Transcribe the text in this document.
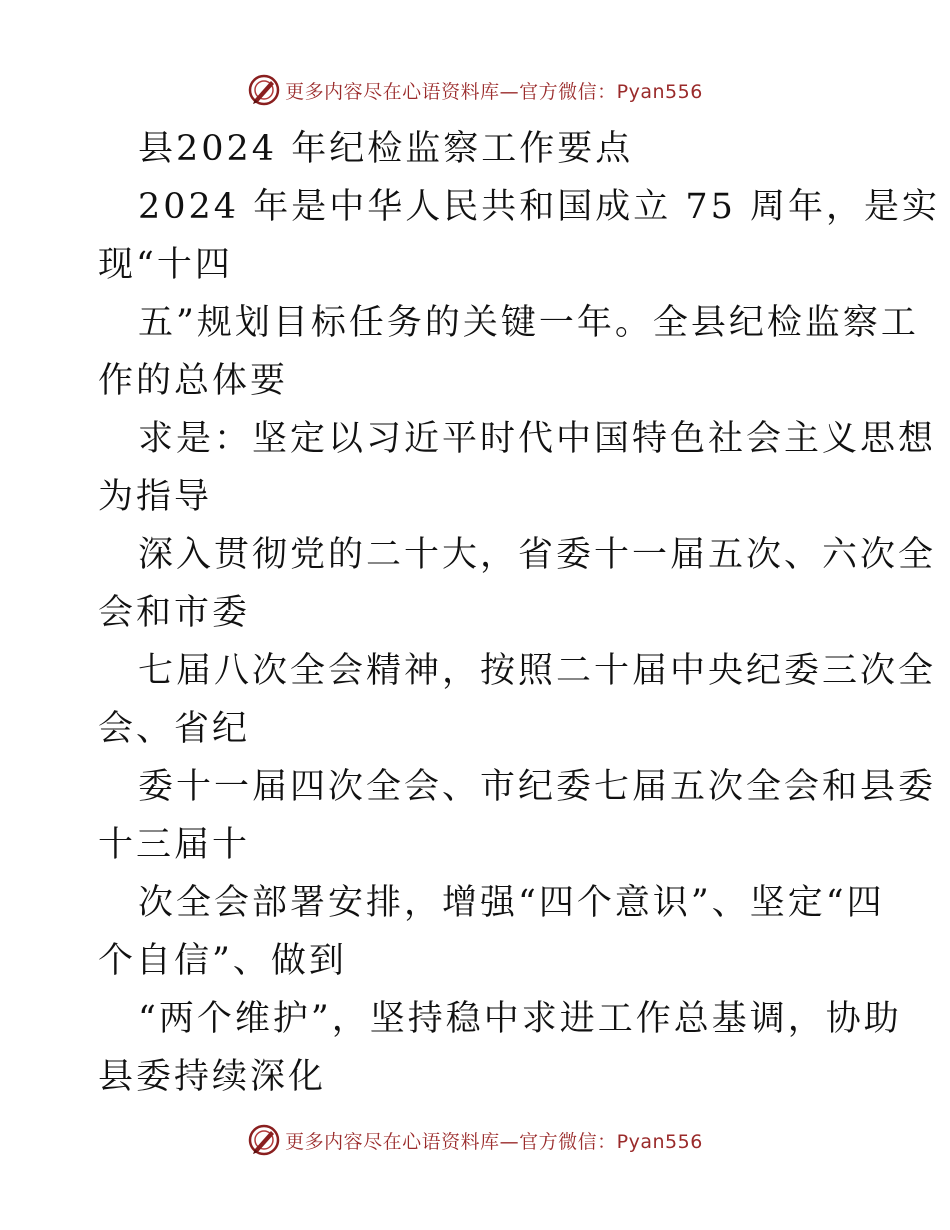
更多内容尽在心语资料库—官方微信：Pyan556
县2024 年纪检监察工作要点
2024 年是中华人民共和国成立 75 周年，是实
现“十四
五”规划目标任务的关键一年。全县纪检监察工
作的总体要
求是：坚定以习近平时代中国特色社会主义思想
为指导
深入贯彻党的二十大，省委十一届五次、六次全
会和市委
七届八次全会精神，按照二十届中央纪委三次全
会、省纪
委十一届四次全会、市纪委七届五次全会和县委
十三届十
次全会部署安排，增强“四个意识”、坚定“四
个自信”、做到
“两个维护”，坚持稳中求进工作总基调，协助
县委持续深化
更多内容尽在心语资料库—官方微信：Pyan556
